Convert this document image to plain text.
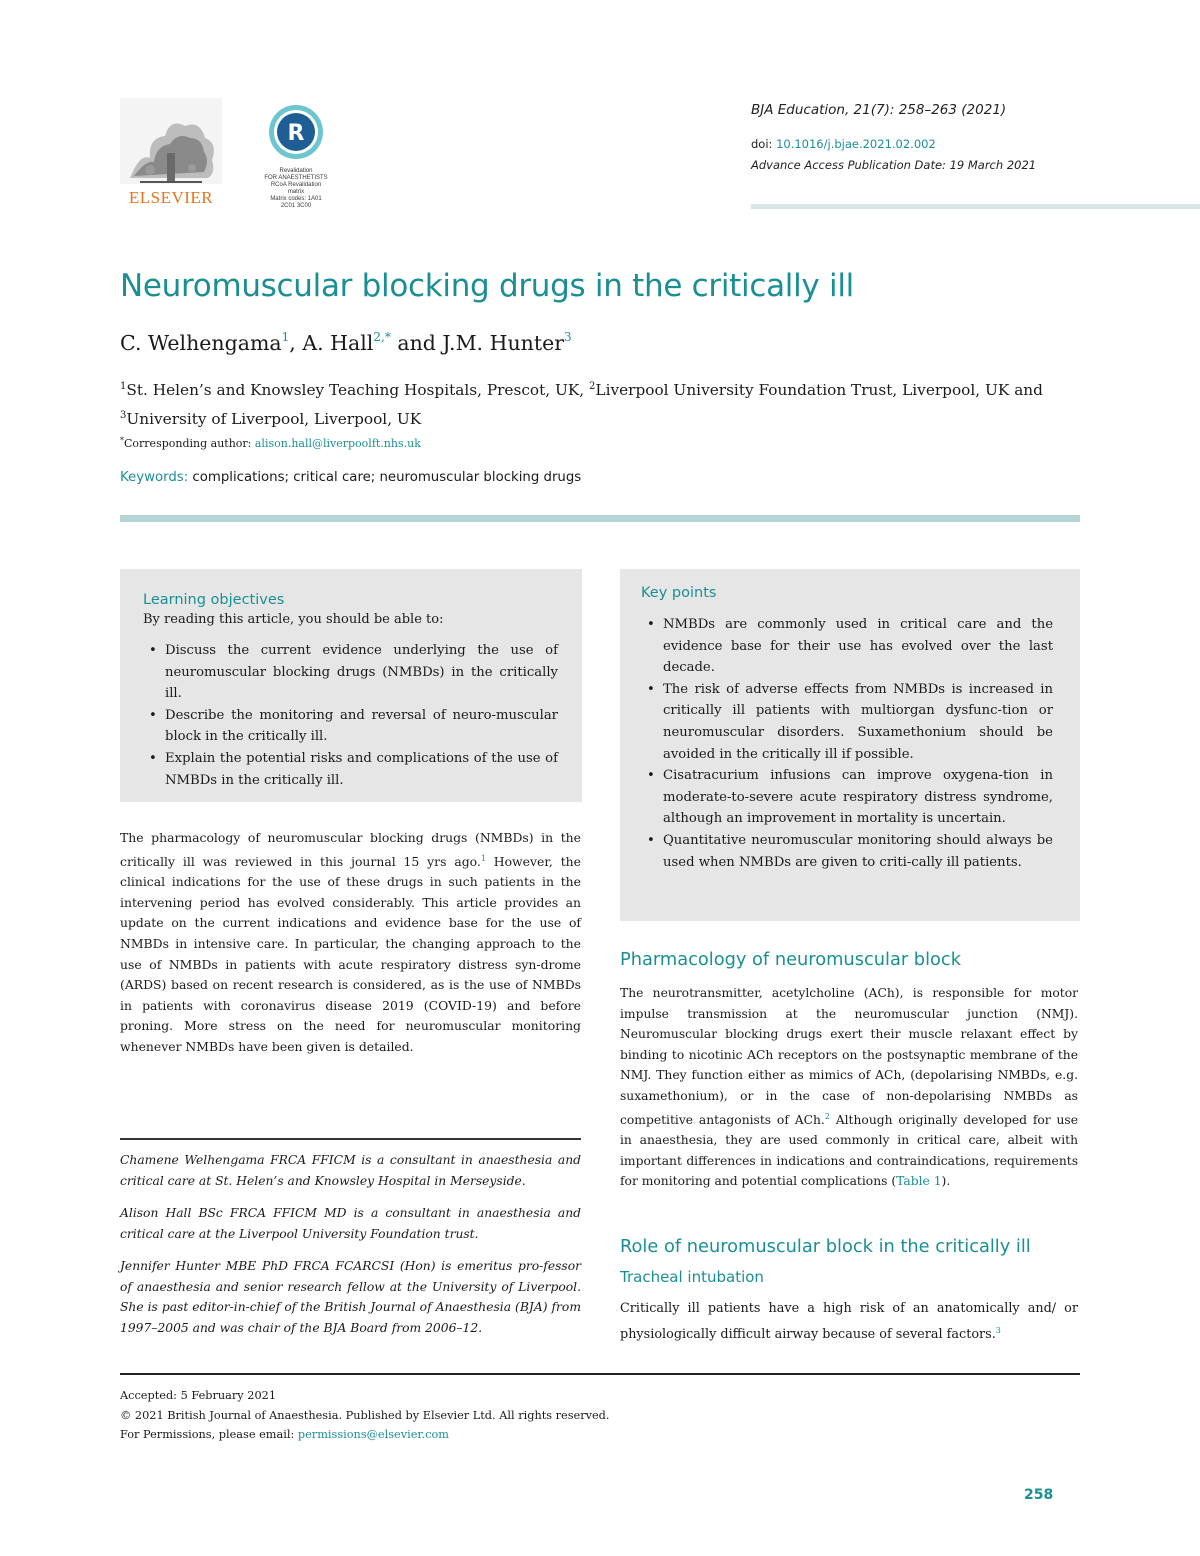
ELSEVIER
R
Revalidation
FOR ANAESTHETISTS
RCoA Revalidation matrix
Matrix codes: 1A01
2C01 3C00
BJA Education, 21(7): 258–263 (2021)
doi: 10.1016/j.bjae.2021.02.002
Advance Access Publication Date: 19 March 2021
Neuromuscular blocking drugs in the critically ill
C. Welhengama$^1$, A. Hall$^{2,*}$ and J.M. Hunter$^3$
$^1$St. Helen’s and Knowsley Teaching Hospitals, Prescot, UK, $^2$Liverpool University Foundation Trust, Liverpool, UK and $^3$University of Liverpool, Liverpool, UK
*Corresponding author: alison.hall@liverpoolft.nhs.uk
Keywords: complications; critical care; neuromuscular blocking drugs
Learning objectives
By reading this article, you should be able to:
• Discuss the current evidence underlying the use of neuromuscular blocking drugs (NMBDs) in the critically ill.
• Describe the monitoring and reversal of neuro-muscular block in the critically ill.
• Explain the potential risks and complications of the use of NMBDs in the critically ill.
Key points
• NMBDs are commonly used in critical care and the evidence base for their use has evolved over the last decade.
• The risk of adverse effects from NMBDs is increased in critically ill patients with multiorgan dysfunc-tion or neuromuscular disorders. Suxamethonium should be avoided in the critically ill if possible.
• Cisatracurium infusions can improve oxygena-tion in moderate-to-severe acute respiratory distress syndrome, although an improvement in mortality is uncertain.
• Quantitative neuromuscular monitoring should always be used when NMBDs are given to criti-cally ill patients.

The pharmacology of neuromuscular blocking drugs (NMBDs) in the critically ill was reviewed in this journal 15 yrs ago.$^1$ However, the clinical indications for the use of these drugs in such patients in the intervening period has evolved considerably. This article provides an update on the current indications and evidence base for the use of NMBDs in intensive care. In particular, the changing approach to the use of NMBDs in patients with acute respiratory distress syn-drome (ARDS) based on recent research is considered, as is the use of NMBDs in patients with coronavirus disease 2019 (COVID-19) and before proning. More stress on the need for neuromuscular monitoring whenever NMBDs have been given is detailed.

Chamene Welhengama FRCA FFICM is a consultant in anaesthesia and critical care at St. Helen’s and Knowsley Hospital in Merseyside.

Alison Hall BSc FRCA FFICM MD is a consultant in anaesthesia and critical care at the Liverpool University Foundation trust.

Jennifer Hunter MBE PhD FRCA FCARCSI (Hon) is emeritus pro-fessor of anaesthesia and senior research fellow at the University of Liverpool. She is past editor-in-chief of the British Journal of Anaesthesia (BJA) from 1997–2005 and was chair of the BJA Board from 2006–12.

Pharmacology of neuromuscular block

The neurotransmitter, acetylcholine (ACh), is responsible for motor impulse transmission at the neuromuscular junction (NMJ). Neuromuscular blocking drugs exert their muscle relaxant effect by binding to nicotinic ACh receptors on the postsynaptic membrane of the NMJ. They function either as mimics of ACh, (depolarising NMBDs, e.g. suxamethonium), or in the case of non-depolarising NMBDs as competitive antagonists of ACh.$^2$ Although originally developed for use in anaesthesia, they are used commonly in critical care, albeit with important differences in indications and contraindications, requirements for monitoring and potential complications (Table 1).

Role of neuromuscular block in the critically ill
Tracheal intubation

Critically ill patients have a high risk of an anatomically and/ or physiologically difficult airway because of several factors.$^3$

Accepted: 5 February 2021
© 2021 British Journal of Anaesthesia. Published by Elsevier Ltd. All rights reserved.
For Permissions, please email: permissions@elsevier.com
258
